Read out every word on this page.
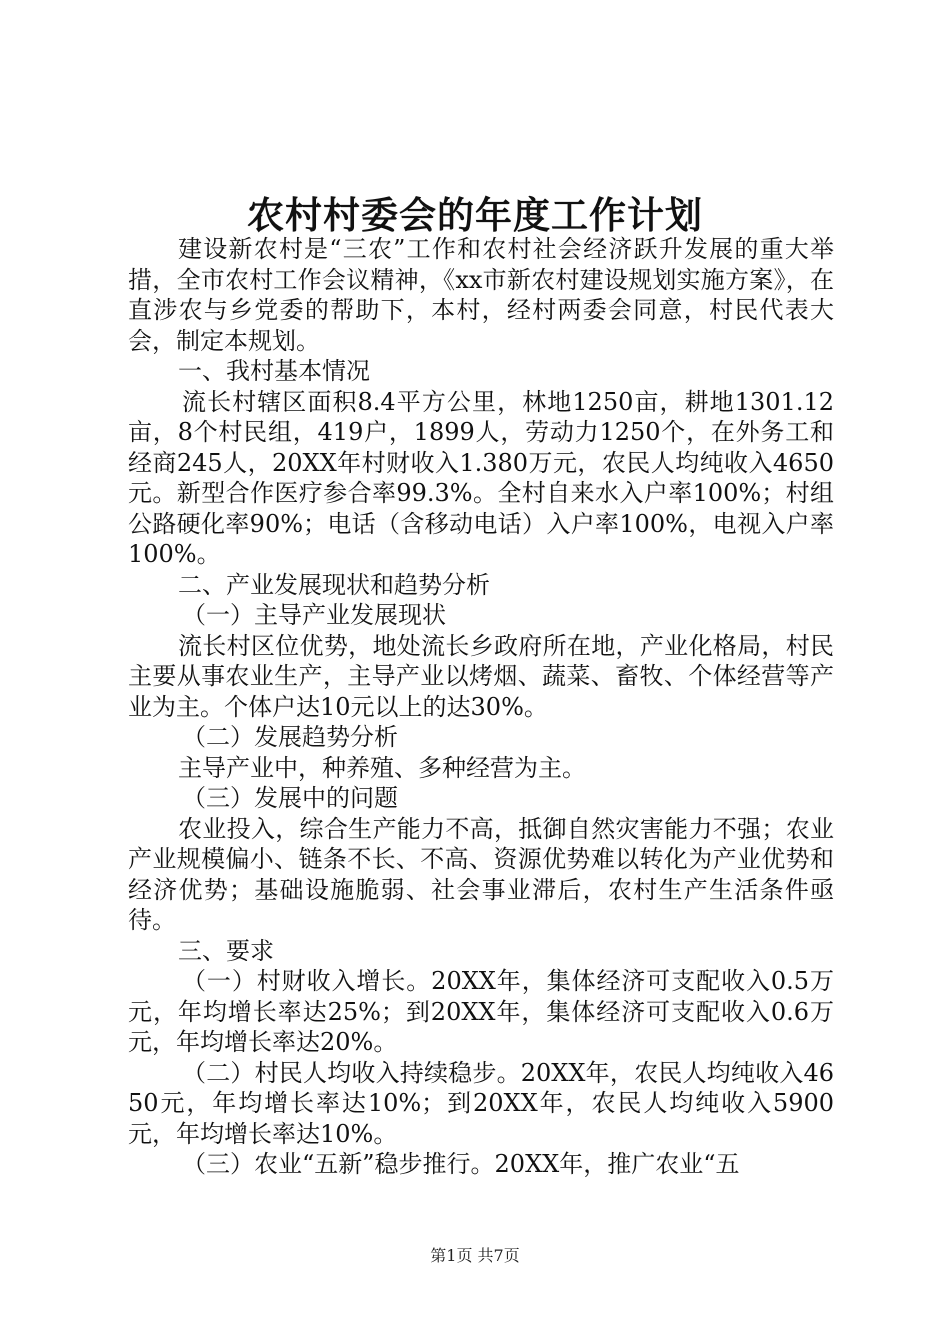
农村村委会的年度工作计划

建设新农村是“三农”工作和农村社会经济跃升发展的重大举措，全市农村工作会议精神，《xx市新农村建设规划实施方案》，在直涉农与乡党委的帮助下，本村，经村两委会同意，村民代表大会，制定本规划。

一、我村基本情况

流长村辖区面积8.4平方公里，林地1250亩，耕地1301.12亩，8个村民组，419户，1899人，劳动力1250个，在外务工和经商245人，20XX年村财收入1.380万元，农民人均纯收入4650元。新型合作医疗参合率99.3%。全村自来水入户率100%；村组公路硬化率90%；电话（含移动电话）入户率100%，电视入户率100%。

二、产业发展现状和趋势分析

（一）主导产业发展现状

流长村区位优势，地处流长乡政府所在地，产业化格局，村民主要从事农业生产，主导产业以烤烟、蔬菜、畜牧、个体经营等产业为主。个体户达10元以上的达30%。

（二）发展趋势分析

主导产业中，种养殖、多种经营为主。

（三）发展中的问题

农业投入，综合生产能力不高，抵御自然灾害能力不强；农业产业规模偏小、链条不长、不高、资源优势难以转化为产业优势和经济优势；基础设施脆弱、社会事业滞后，农村生产生活条件亟待。

三、要求

（一）村财收入增长。20XX年，集体经济可支配收入0.5万元，年均增长率达25%；到20XX年，集体经济可支配收入0.6万元，年均增长率达20%。

（二）村民人均收入持续稳步。20XX年，农民人均纯收入4650元，年均增长率达10%；到20XX年，农民人均纯收入5900元，年均增长率达10%。

（三）农业“五新”稳步推行。20XX年，推广农业“五

第1页 共7页
